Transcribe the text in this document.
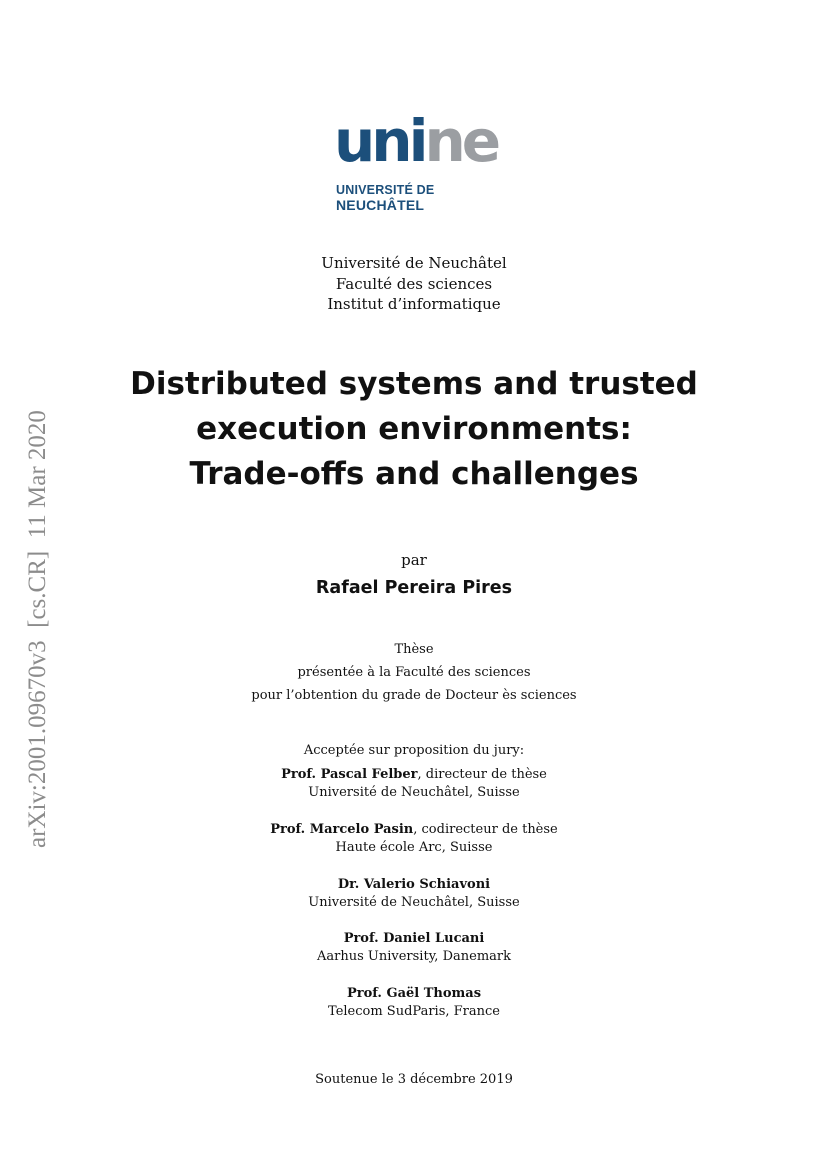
unine
UNIVERSITÉ DE
NEUCHÂTEL
Université de Neuchâtel
Faculté des sciences
Institut d’informatique
Distributed systems and trusted
execution environments:
Trade-offs and challenges
par
Rafael Pereira Pires
Thèse
présentée à la Faculté des sciences
pour l’obtention du grade de Docteur ès sciences
Acceptée sur proposition du jury:
Prof. Pascal Felber, directeur de thèse
Université de Neuchâtel, Suisse
Prof. Marcelo Pasin, codirecteur de thèse
Haute école Arc, Suisse
Dr. Valerio Schiavoni
Université de Neuchâtel, Suisse
Prof. Daniel Lucani
Aarhus University, Danemark
Prof. Gaël Thomas
Telecom SudParis, France
Soutenue le 3 décembre 2019
arXiv:2001.09670v3  [cs.CR]  11 Mar 2020
